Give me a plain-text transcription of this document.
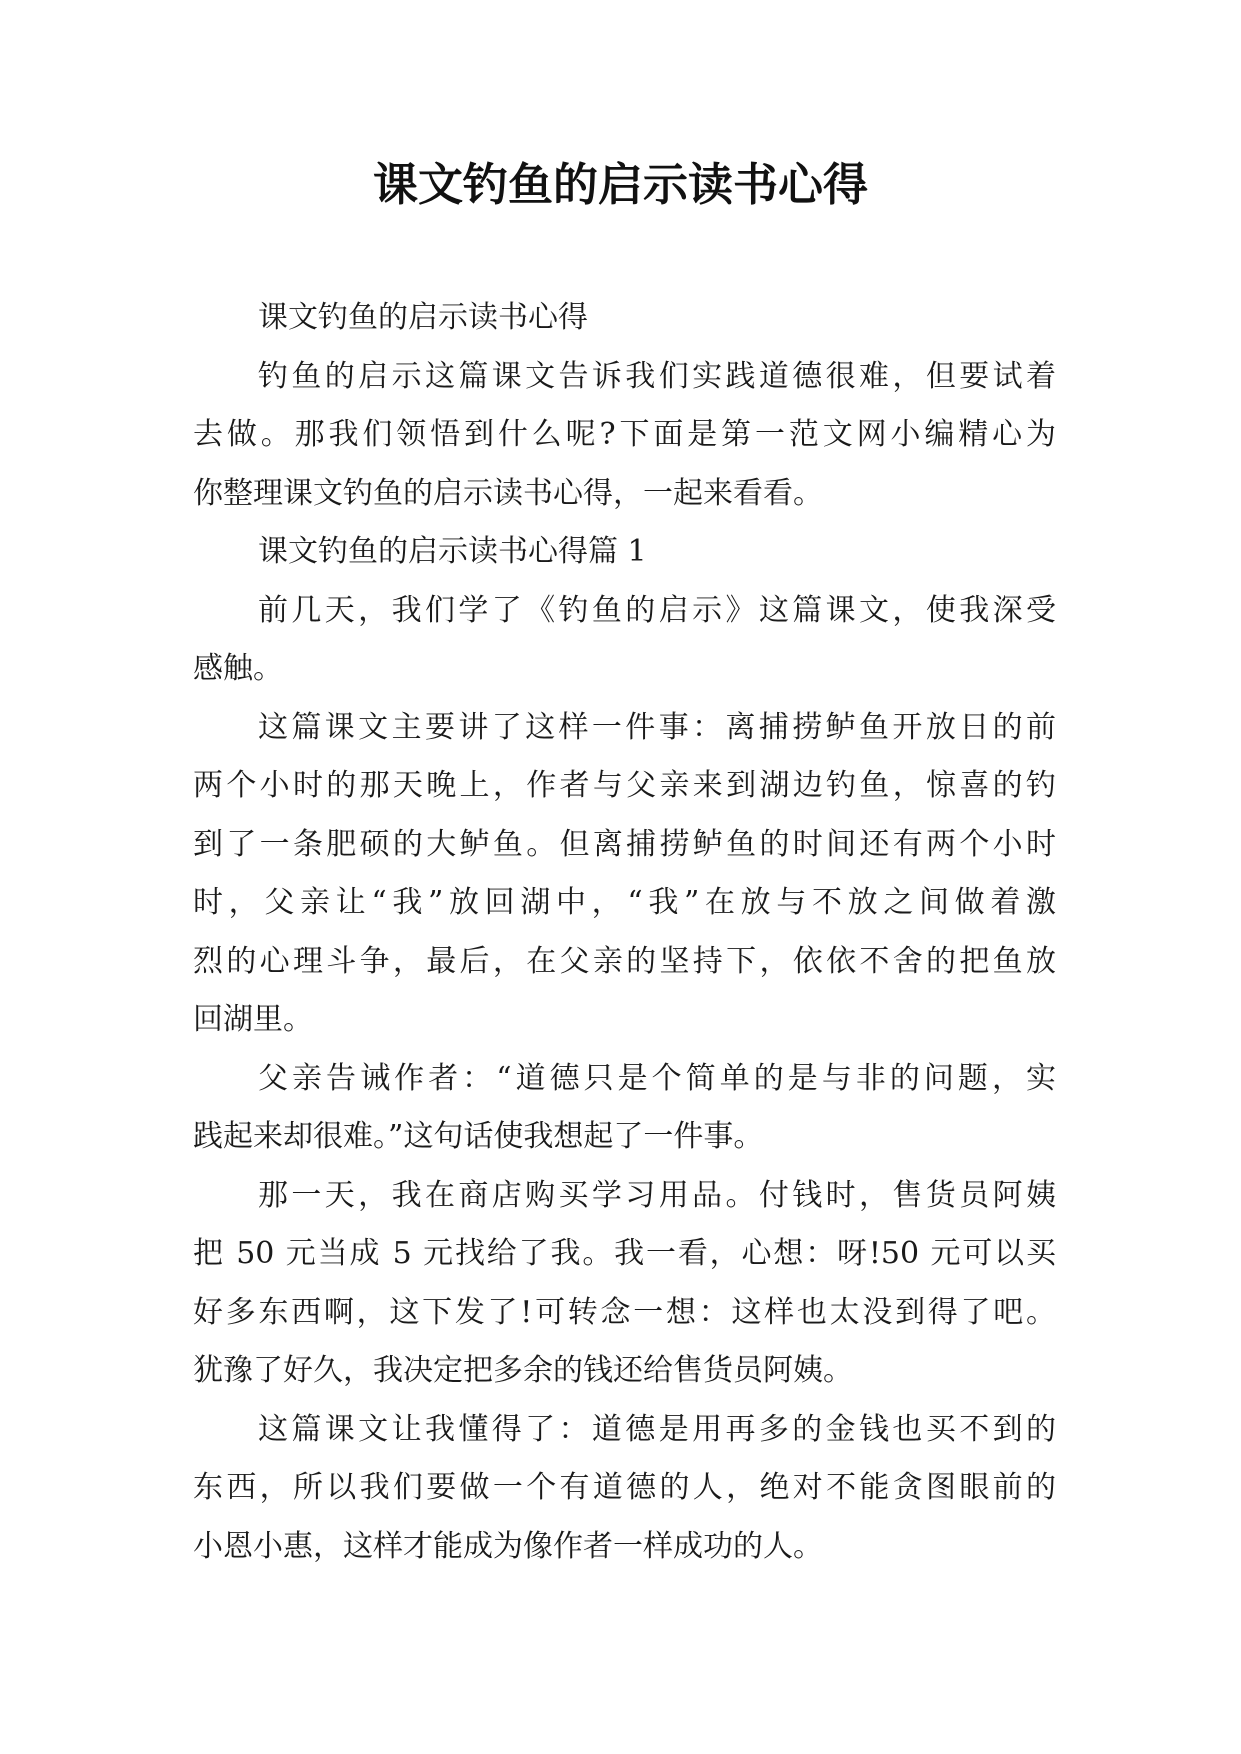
课文钓鱼的启示读书心得
课文钓鱼的启示读书心得
钓鱼的启示这篇课文告诉我们实践道德很难，但要试着
去做。那我们领悟到什么呢?下面是第一范文网小编精心为
你整理课文钓鱼的启示读书心得，一起来看看。
课文钓鱼的启示读书心得篇 1
前几天，我们学了《钓鱼的启示》这篇课文，使我深受
感触。
这篇课文主要讲了这样一件事：离捕捞鲈鱼开放日的前
两个小时的那天晚上，作者与父亲来到湖边钓鱼，惊喜的钓
到了一条肥硕的大鲈鱼。但离捕捞鲈鱼的时间还有两个小时
时，父亲让“我”放回湖中，“我”在放与不放之间做着激
烈的心理斗争，最后，在父亲的坚持下，依依不舍的把鱼放
回湖里。
父亲告诫作者：“道德只是个简单的是与非的问题，实
践起来却很难。”这句话使我想起了一件事。
那一天，我在商店购买学习用品。付钱时，售货员阿姨
把 50 元当成 5 元找给了我。我一看，心想：呀!50 元可以买
好多东西啊，这下发了!可转念一想：这样也太没到得了吧。
犹豫了好久，我决定把多余的钱还给售货员阿姨。
这篇课文让我懂得了：道德是用再多的金钱也买不到的
东西，所以我们要做一个有道德的人，绝对不能贪图眼前的
小恩小惠，这样才能成为像作者一样成功的人。
